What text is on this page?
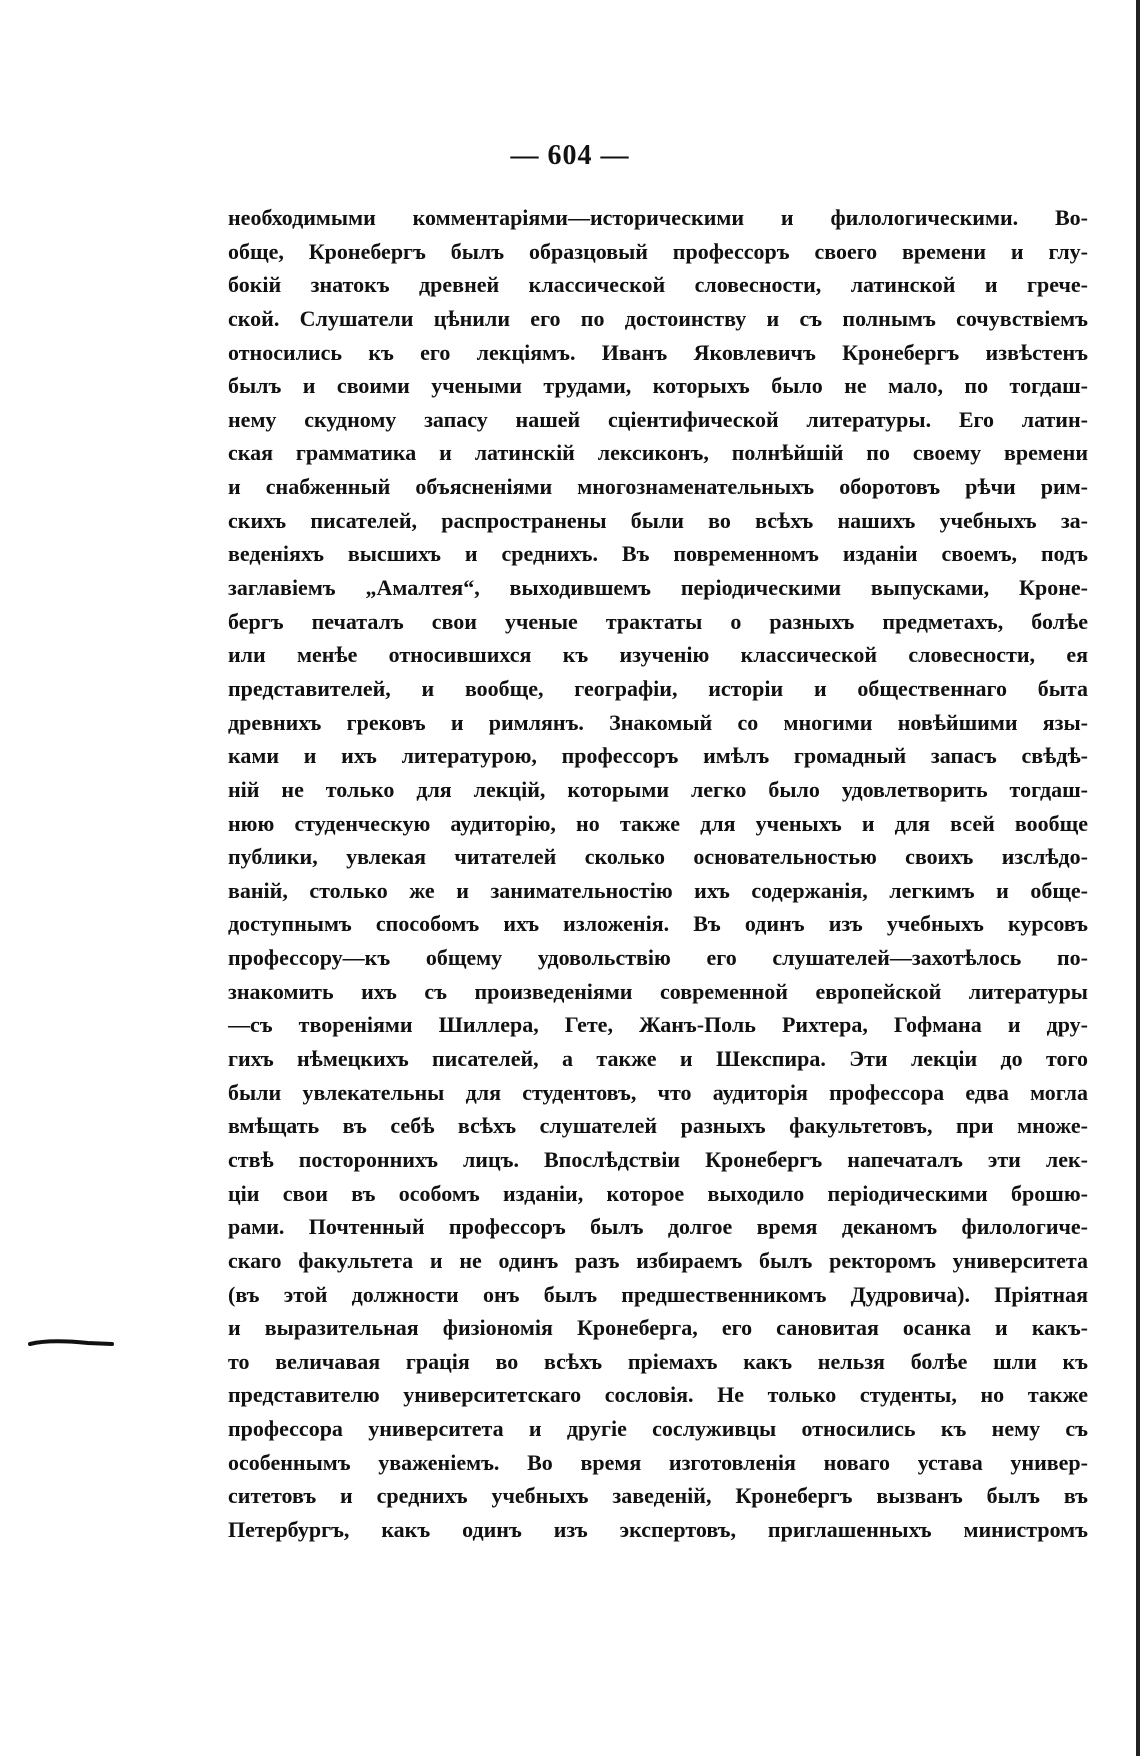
— 604 —
необходимыми комментаріями—историческими и филологическими. Во-
обще, Кронебергъ былъ образцовый профессоръ своего времени и глу-
бокій знатокъ древней классической словесности, латинской и грече-
ской. Слушатели цѣнили его по достоинству и съ полнымъ сочувствіемъ
относились къ его лекціямъ. Иванъ Яковлевичъ Кронебергъ извѣстенъ
былъ и своими учеными трудами, которыхъ было не мало, по тогдаш-
нему скудному запасу нашей сціентифической литературы. Его латин-
ская грамматика и латинскій лексиконъ, полнѣйшій по своему времени
и снабженный объясненіями многознаменательныхъ оборотовъ рѣчи рим-
скихъ писателей, распространены были во всѣхъ нашихъ учебныхъ за-
веденіяхъ высшихъ и среднихъ. Въ повременномъ изданіи своемъ, подъ
заглавіемъ „Амалтея“, выходившемъ періодическими выпусками, Кроне-
бергъ печаталъ свои ученые трактаты о разныхъ предметахъ, болѣе
или менѣе относившихся къ изученію классической словесности, ея
представителей, и вообще, географіи, исторіи и общественнаго быта
древнихъ грековъ и римлянъ. Знакомый со многими новѣйшими язы-
ками и ихъ литературою, профессоръ имѣлъ громадный запасъ свѣдѣ-
ній не только для лекцій, которыми легко было удовлетворить тогдаш-
нюю студенческую аудиторію, но также для ученыхъ и для всей вообще
публики, увлекая читателей сколько основательностью своихъ изслѣдо-
ваній, столько же и занимательностію ихъ содержанія, легкимъ и обще-
доступнымъ способомъ ихъ изложенія. Въ одинъ изъ учебныхъ курсовъ
профессору—къ общему удовольствію его слушателей—захотѣлось по-
знакомить ихъ съ произведеніями современной европейской литературы
—съ твореніями Шиллера, Гете, Жанъ-Поль Рихтера, Гофмана и дру-
гихъ нѣмецкихъ писателей, а также и Шекспира. Эти лекціи до того
были увлекательны для студентовъ, что аудиторія профессора едва могла
вмѣщать въ себѣ всѣхъ слушателей разныхъ факультетовъ, при множе-
ствѣ постороннихъ лицъ. Впослѣдствіи Кронебергъ напечаталъ эти лек-
ціи свои въ особомъ изданіи, которое выходило періодическими брошю-
рами. Почтенный профессоръ былъ долгое время деканомъ филологиче-
скаго факультета и не одинъ разъ избираемъ былъ ректоромъ университета
(въ этой должности онъ былъ предшественникомъ Дудровича). Пріятная
и выразительная физіономія Кронеберга, его сановитая осанка и какъ-
то величавая грація во всѣхъ пріемахъ какъ нельзя болѣе шли къ
представителю университетскаго сословія. Не только студенты, но также
профессора университета и другіе сослуживцы относились къ нему съ
особеннымъ уваженіемъ. Во время изготовленія новаго устава универ-
ситетовъ и среднихъ учебныхъ заведеній, Кронебергъ вызванъ былъ въ
Петербургъ, какъ одинъ изъ экспертовъ, приглашенныхъ министромъ
